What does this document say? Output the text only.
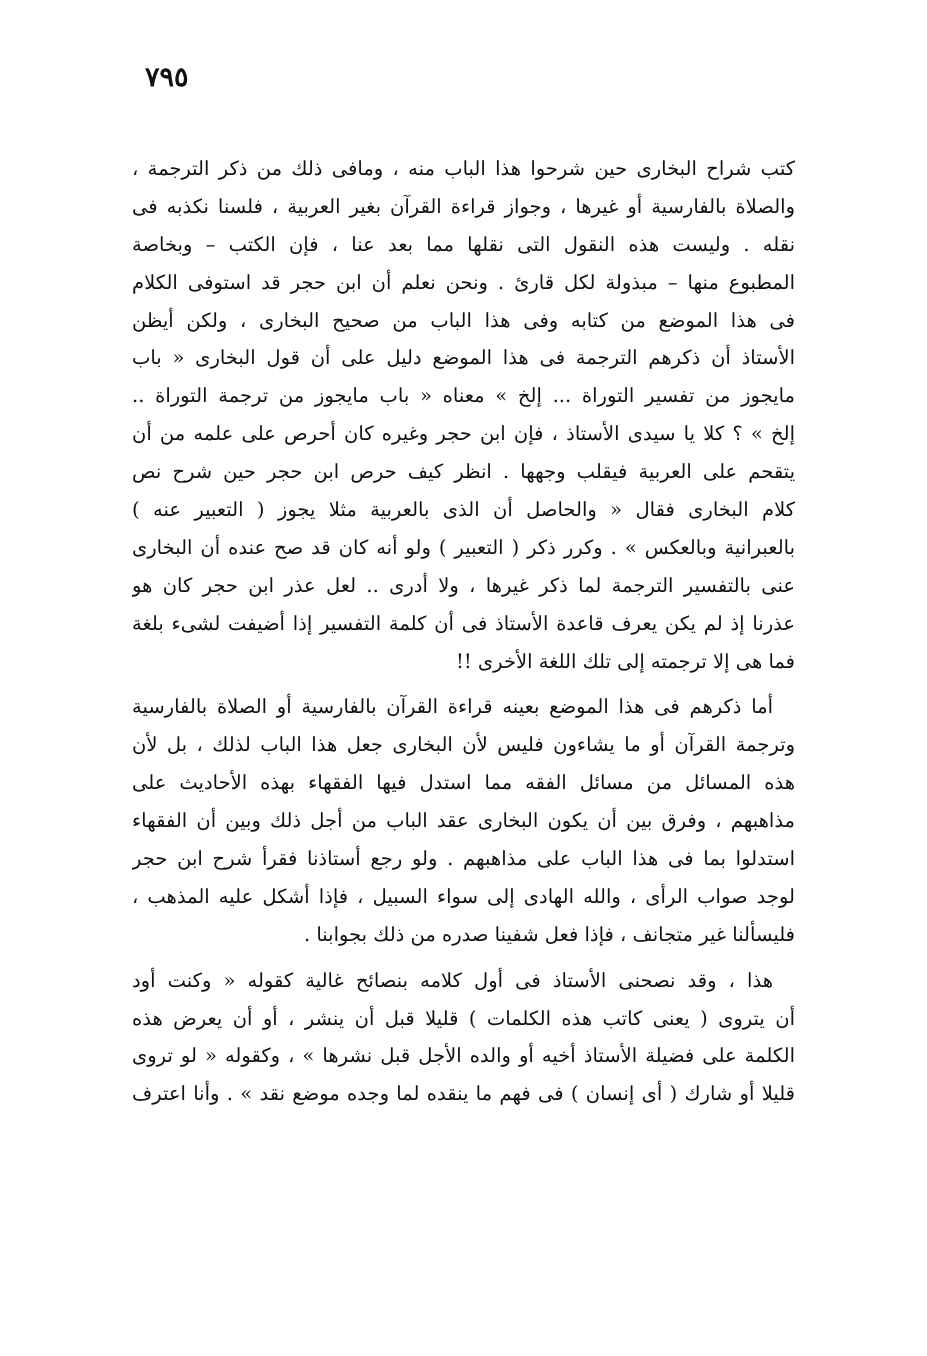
٧٩٥
كتب شراح البخارى حين شرحوا هذا الباب منه ، ومافى ذلك من ذكر الترجمة ،
والصلاة بالفارسية أو غيرها ، وجواز قراءة القرآن بغير العربية ، فلسنا نكذبه فى
نقله . وليست هذه النقول التى نقلها مما بعد عنا ، فإن الكتب – وبخاصة
المطبوع منها – مبذولة لكل قارئ . ونحن نعلم أن ابن حجر قد استوفى الكلام
فى هذا الموضع من كتابه وفى هذا الباب من صحيح البخارى ، ولكن أيظن
الأستاذ أن ذكرهم الترجمة فى هذا الموضع دليل على أن قول البخارى « باب
مايجوز من تفسير التوراة ... إلخ » معناه « باب مايجوز من ترجمة التوراة ..
إلخ » ؟ كلا يا سيدى الأستاذ ، فإن ابن حجر وغيره كان أحرص على علمه من أن
يتقحم على العربية فيقلب وجهها . انظر كيف حرص ابن حجر حين شرح نص
كلام البخارى فقال « والحاصل أن الذى بالعربية مثلا يجوز ( التعبير عنه )
بالعبرانية وبالعكس » . وكرر ذكر ( التعبير ) ولو أنه كان قد صح عنده أن البخارى
عنى بالتفسير الترجمة لما ذكر غيرها ، ولا أدرى .. لعل عذر ابن حجر كان هو
عذرنا إذ لم يكن يعرف قاعدة الأستاذ فى أن كلمة التفسير إذا أضيفت لشىء بلغة
فما هى إلا ترجمته إلى تلك اللغة الأخرى !!
أما ذكرهم فى هذا الموضع بعينه قراءة القرآن بالفارسية أو الصلاة بالفارسية
وترجمة القرآن أو ما يشاءون فليس لأن البخارى جعل هذا الباب لذلك ، بل لأن
هذه المسائل من مسائل الفقه مما استدل فيها الفقهاء بهذه الأحاديث على
مذاهبهم ، وفرق بين أن يكون البخارى عقد الباب من أجل ذلك وبين أن الفقهاء
استدلوا بما فى هذا الباب على مذاهبهم . ولو رجع أستاذنا فقرأ شرح ابن حجر
لوجد صواب الرأى ، والله الهادى إلى سواء السبيل ، فإذا أشكل عليه المذهب ،
فليسألنا غير متجانف ، فإذا فعل شفينا صدره من ذلك بجوابنا .
هذا ، وقد نصحنى الأستاذ فى أول كلامه بنصائح غالية كقوله « وكنت أود
أن يتروى ( يعنى كاتب هذه الكلمات ) قليلا قبل أن ينشر ، أو أن يعرض هذه
الكلمة على فضيلة الأستاذ أخيه أو والده الأجل قبل نشرها » ، وكقوله « لو تروى
قليلا أو شارك ( أى إنسان ) فى فهم ما ينقده لما وجده موضع نقد » . وأنا اعترف
